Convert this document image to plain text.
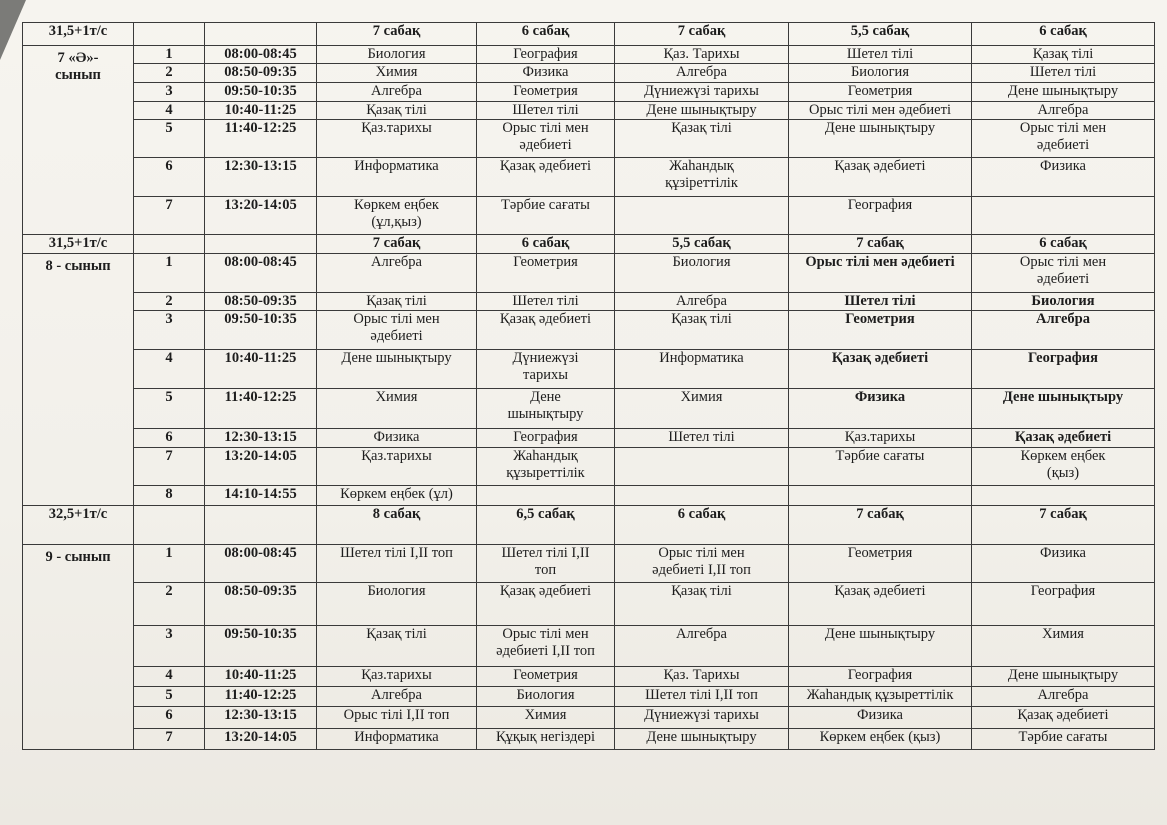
31,5+1т/с			7 сабақ	6 сабақ	7 сабақ	5,5 сабақ	6 сабақ
7 «Ә»-
сынып	1	08:00-08:45	Биология	География	Қаз. Тарихы	Шетел тілі	Қазақ тілі
	2	08:50-09:35	Химия	Физика	Алгебра	Биология	Шетел тілі
	3	09:50-10:35	Алгебра	Геометрия	Дүниежүзі тарихы	Геометрия	Дене шынықтыру
	4	10:40-11:25	Қазақ тілі	Шетел тілі	Дене шынықтыру	Орыс тілі мен әдебиеті	Алгебра
	5	11:40-12:25	Қаз.тарихы	Орыс тілі мен
әдебиеті	Қазақ тілі	Дене шынықтыру	Орыс тілі мен
әдебиеті
	6	12:30-13:15	Информатика	Қазақ әдебиеті	Жаһандық
құзіреттілік	Қазақ әдебиеті	Физика
	7	13:20-14:05	Көркем еңбек
(ұл,қыз)	Тәрбие сағаты		География	
31,5+1т/с			7 сабақ	6 сабақ	5,5 сабақ	7 сабақ	6 сабақ
8 - сынып	1	08:00-08:45	Алгебра	Геометрия	Биология	Орыс тілі мен әдебиеті	Орыс тілі мен
әдебиеті
	2	08:50-09:35	Қазақ тілі	Шетел тілі	Алгебра	Шетел тілі	Биология
	3	09:50-10:35	Орыс тілі мен
әдебиеті	Қазақ әдебиеті	Қазақ тілі	Геометрия	Алгебра
	4	10:40-11:25	Дене шынықтыру	Дүниежүзі
тарихы	Информатика	Қазақ әдебиеті	География
	5	11:40-12:25	Химия	Дене
шынықтыру	Химия	Физика	Дене шынықтыру
	6	12:30-13:15	Физика	География	Шетел тілі	Қаз.тарихы	Қазақ әдебиеті
	7	13:20-14:05	Қаз.тарихы	Жаһандық
құзыреттілік		Тәрбие сағаты	Көркем еңбек
(қыз)
	8	14:10-14:55	Көркем еңбек (ұл)				
32,5+1т/с			8 сабақ	6,5 сабақ	6 сабақ	7 сабақ	7 сабақ
9 - сынып	1	08:00-08:45	Шетел тілі I,II топ	Шетел тілі I,II
топ	Орыс тілі мен
әдебиеті I,II топ	Геометрия	Физика
	2	08:50-09:35	Биология	Қазақ әдебиеті	Қазақ тілі	Қазақ әдебиеті	География
	3	09:50-10:35	Қазақ тілі	Орыс тілі мен
әдебиеті I,II топ	Алгебра	Дене шынықтыру	Химия
	4	10:40-11:25	Қаз.тарихы	Геометрия	Қаз. Тарихы	География	Дене шынықтыру
	5	11:40-12:25	Алгебра	Биология	Шетел тілі I,II топ	Жаһандық құзыреттілік	Алгебра
	6	12:30-13:15	Орыс тілі I,II топ	Химия	Дүниежүзі тарихы	Физика	Қазақ әдебиеті
	7	13:20-14:05	Информатика	Құқық негіздері	Дене шынықтыру	Көркем еңбек (қыз)	Тәрбие сағаты
